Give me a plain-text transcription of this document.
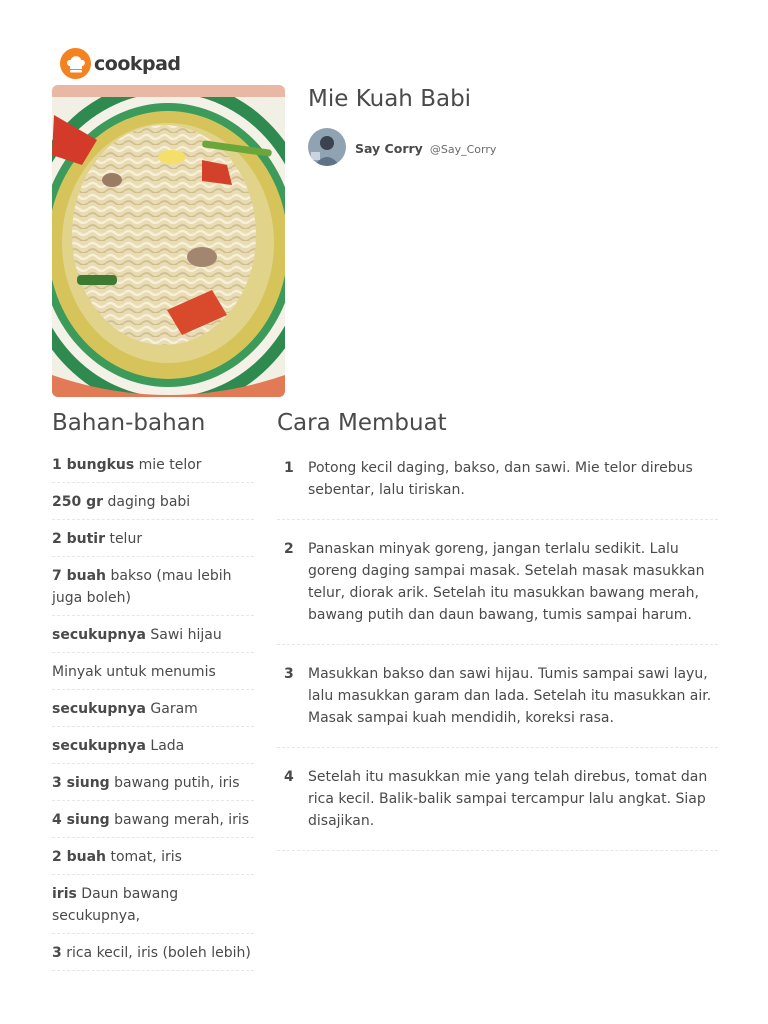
cookpad
Mie Kuah Babi
Say Corry @Say_Corry
Bahan-bahan	Cara Membuat
1 bungkus mie telor
250 gr daging babi
2 butir telur
7 buah bakso (mau lebih juga boleh)
secukupnya Sawi hijau
Minyak untuk menumis
secukupnya Garam
secukupnya Lada
3 siung bawang putih, iris
4 siung bawang merah, iris
2 buah tomat, iris
iris Daun bawang secukupnya,
3 rica kecil, iris (boleh lebih)
1	Potong kecil daging, bakso, dan sawi. Mie telor direbus sebentar, lalu tiriskan.
2	Panaskan minyak goreng, jangan terlalu sedikit. Lalu goreng daging sampai masak. Setelah masak masukkan telur, diorak arik. Setelah itu masukkan bawang merah, bawang putih dan daun bawang, tumis sampai harum.
3	Masukkan bakso dan sawi hijau. Tumis sampai sawi layu, lalu masukkan garam dan lada. Setelah itu masukkan air. Masak sampai kuah mendidih, koreksi rasa.
4	Setelah itu masukkan mie yang telah direbus, tomat dan rica kecil. Balik-balik sampai tercampur lalu angkat. Siap disajikan.
